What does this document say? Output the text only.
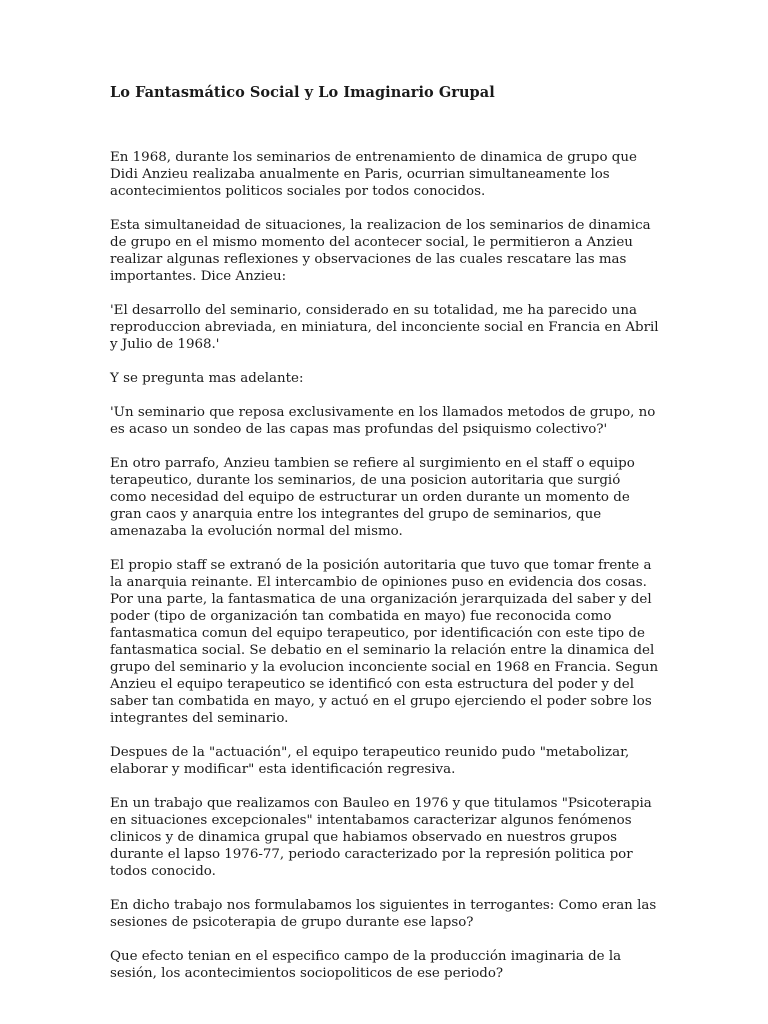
Lo Fantasmático Social y Lo Imaginario Grupal

En 1968, durante los seminarios de entrenamiento de dinamica de grupo que Didi Anzieu realizaba anualmente en Paris, ocurrian simultaneamente los acontecimientos politicos sociales por todos conocidos.

Esta simultaneidad de situaciones, la realizacion de los seminarios de dinamica de grupo en el mismo momento del acontecer social, le permitieron a Anzieu realizar algunas reflexiones y observaciones de las cuales rescatare las mas importantes. Dice Anzieu:

'El desarrollo del seminario, considerado en su totalidad, me ha parecido una reproduccion abreviada, en miniatura, del inconciente social en Francia en Abril y Julio de 1968.'

Y se pregunta mas adelante:

'Un seminario que reposa exclusivamente en los llamados metodos de grupo, no es acaso un sondeo de las capas mas profundas del psiquismo colectivo?'

En otro parrafo, Anzieu tambien se refiere al surgimiento en el staff o equipo terapeutico, durante los seminarios, de una posicion autoritaria que surgió como necesidad del equipo de estructurar un orden durante un momento de gran caos y anarquia entre los integrantes del grupo de seminarios, que amenazaba la evolución normal del mismo.

El propio staff se extranó de la posición autoritaria que tuvo que tomar frente a la anarquia reinante. El intercambio de opiniones puso en evidencia dos cosas. Por una parte, la fantasmatica de una organización jerarquizada del saber y del poder (tipo de organización tan combatida en mayo) fue reconocida como fantasmatica comun del equipo terapeutico, por identificación con este tipo de fantasmatica social. Se debatio en el seminario la relación entre la dinamica del grupo del seminario y la evolucion inconciente social en 1968 en Francia. Segun Anzieu el equipo terapeutico se identificó con esta estructura del poder y del saber tan combatida en mayo, y actuó en el grupo ejerciendo el poder sobre los integrantes del seminario.

Despues de la "actuación", el equipo terapeutico reunido pudo "metabolizar, elaborar y modificar" esta identificación regresiva.

En un trabajo que realizamos con Bauleo en 1976 y que titulamos "Psicoterapia en situaciones excepcionales" intentabamos caracterizar algunos fenómenos clinicos y de dinamica grupal que habiamos observado en nuestros grupos durante el lapso 1976-77, periodo caracterizado por la represión politica por todos conocido.

En dicho trabajo nos formulabamos los siguientes in terrogantes: Como eran las sesiones de psicoterapia de grupo durante ese lapso?

Que efecto tenian en el especifico campo de la producción imaginaria de la sesión, los acontecimientos sociopoliticos de ese periodo?
